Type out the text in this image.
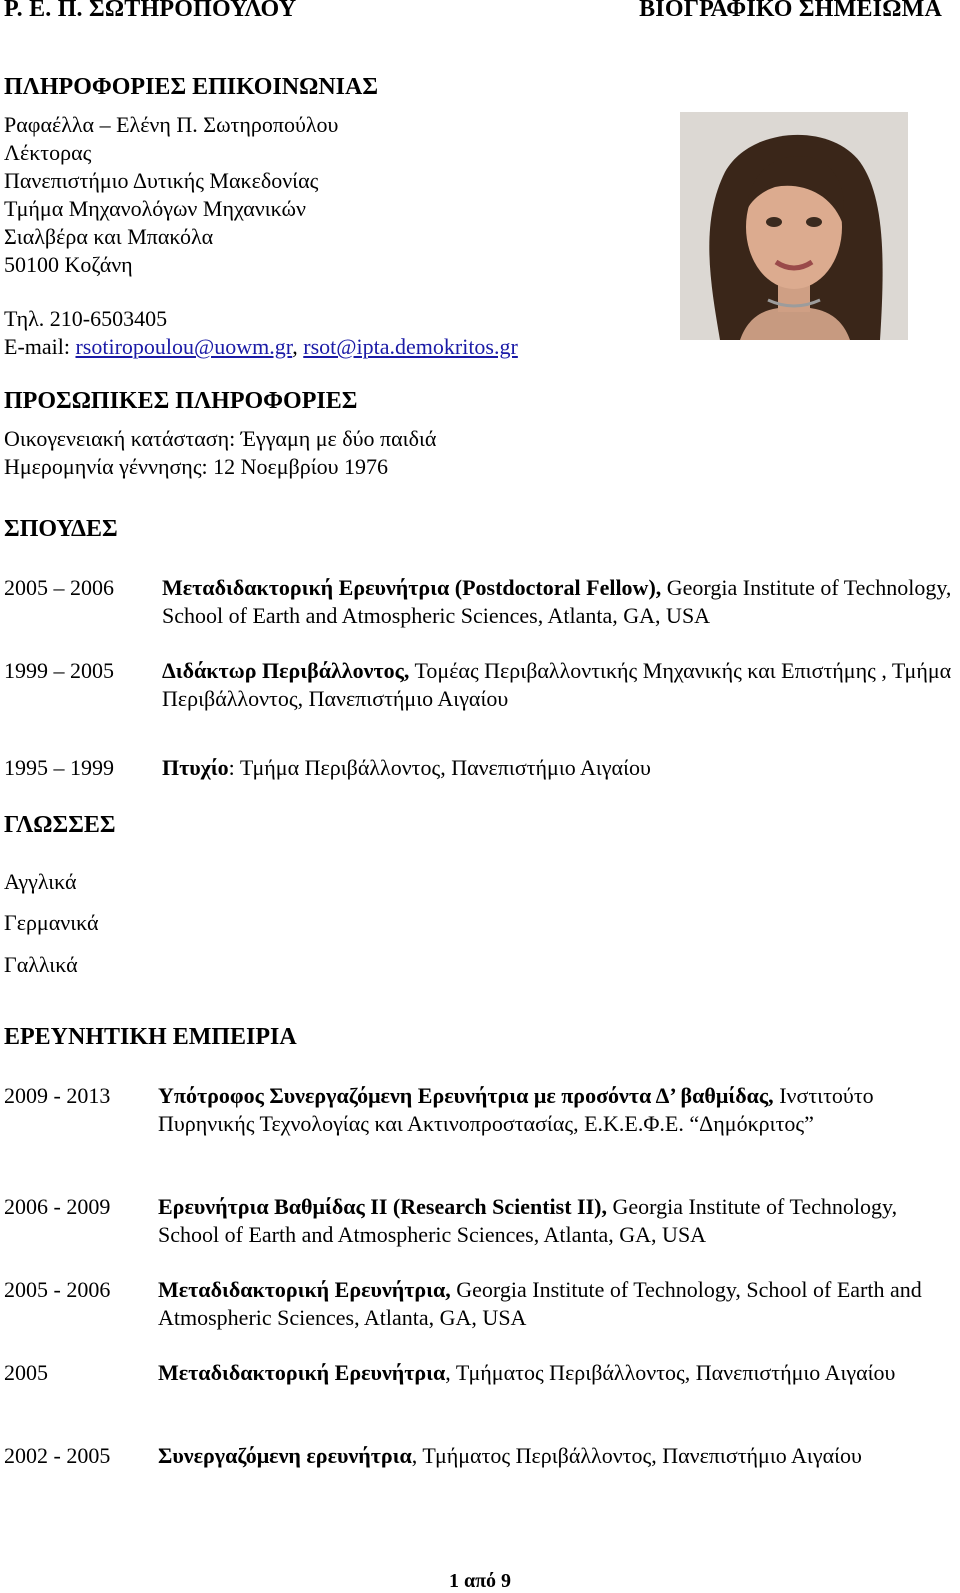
Ρ. Ε. Π. ΣΩΤΗΡΟΠΟΥΛΟΥ	ΒΙΟΓΡΑΦΙΚΟ ΣΗΜΕΙΩΜΑ
ΠΛΗΡΟΦΟΡΙΕΣ ΕΠΙΚΟΙΝΩΝΙΑΣ
Ραφαέλλα – Ελένη Π. Σωτηροπούλου
Λέκτορας
Πανεπιστήμιο Δυτικής Μακεδονίας
Τμήμα Μηχανολόγων Μηχανικών
Σιαλβέρα και Μπακόλα
50100 Κοζάνη
Τηλ. 210-6503405
E-mail: rsotiropoulou@uowm.gr, rsot@ipta.demokritos.gr
ΠΡΟΣΩΠΙΚΕΣ ΠΛΗΡΟΦΟΡΙΕΣ
Οικογενειακή κατάσταση: Έγγαμη με δύο παιδιά
Ημερομηνία γέννησης: 12 Νοεμβρίου 1976
ΣΠΟΥΔΕΣ
2005 – 2006 Μεταδιδακτορική Ερευνήτρια (Postdoctoral Fellow), Georgia Institute of Technology, School of Earth and Atmospheric Sciences, Atlanta, GA, USA
1999 – 2005 Διδάκτωρ Περιβάλλοντος, Τομέας Περιβαλλοντικής Μηχανικής και Επιστήμης , Τμήμα Περιβάλλοντος, Πανεπιστήμιο Αιγαίου
1995 – 1999 Πτυχίο: Τμήμα Περιβάλλοντος, Πανεπιστήμιο Αιγαίου
ΓΛΩΣΣΕΣ
Αγγλικά
Γερμανικά
Γαλλικά
ΕΡΕΥΝΗΤΙΚΗ ΕΜΠΕΙΡΙΑ
2009 - 2013 Υπότροφος Συνεργαζόμενη Ερευνήτρια με προσόντα Δ’ βαθμίδας, Ινστιτούτο Πυρηνικής Τεχνολογίας και Ακτινοπροστασίας, Ε.Κ.Ε.Φ.Ε. “Δημόκριτος”
2006 - 2009 Ερευνήτρια Βαθμίδας ΙΙ (Research Scientist II), Georgia Institute of Technology, School of Earth and Atmospheric Sciences, Atlanta, GA, USA
2005 - 2006 Μεταδιδακτορική Ερευνήτρια, Georgia Institute of Technology, School of Earth and Atmospheric Sciences, Atlanta, GA, USA
2005	Μεταδιδακτορική Ερευνήτρια, Τμήματος Περιβάλλοντος, Πανεπιστήμιο Αιγαίου
2002 - 2005 Συνεργαζόμενη ερευνήτρια, Τμήματος Περιβάλλοντος, Πανεπιστήμιο Αιγαίου
1 από 9
